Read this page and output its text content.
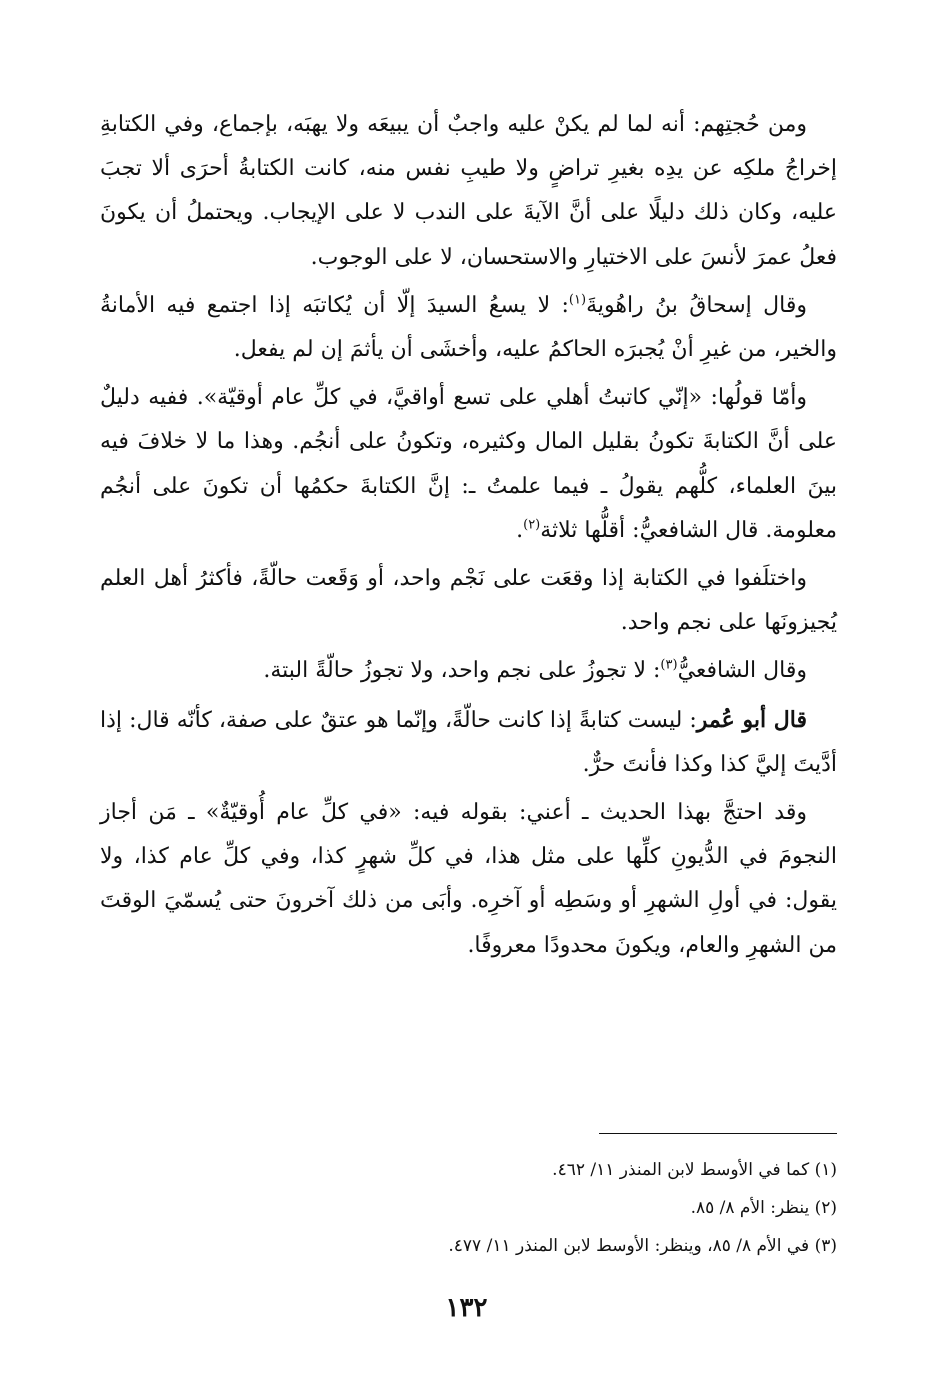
ومن حُجتِهم: أنه لما لم يكنْ عليه واجبٌ أن يبيعَه ولا يهبَه، بإجماع، وفي الكتابةِ إخراجُ ملكِه عن يدِه بغيرِ تراضٍ ولا طيبِ نفس منه، كانت الكتابةُ أحرَى ألا تجبَ عليه، وكان ذلك دليلًا على أنَّ الآيةَ على الندب لا على الإيجاب. ويحتملُ أن يكونَ فعلُ عمرَ لأنسَ على الاختيارِ والاستحسان، لا على الوجوب.

وقال إسحاقُ بنُ راهُويةَ$^{(١)}$: لا يسعُ السيدَ إلّا أن يُكاتبَه إذا اجتمع فيه الأمانةُ والخير، من غيرِ أنْ يُجبرَه الحاكمُ عليه، وأخشَى أن يأثمَ إن لم يفعل.

وأمّا قولُها: «إنّي كاتبتُ أهلي على تسع أواقيَّ، في كلِّ عام أوقيّة». ففيه دليلٌ على أنَّ الكتابةَ تكونُ بقليل المال وكثيره، وتكونُ على أنجُم. وهذا ما لا خلافَ فيه بينَ العلماء، كلُّهم يقولُ ـ فيما علمتُ ـ: إنَّ الكتابةَ حكمُها أن تكونَ على أنجُم معلومة. قال الشافعيُّ: أقلُّها ثلاثة$^{(٢)}$.

واختلَفوا في الكتابة إذا وقعَت على نَجْم واحد، أو وَقَعت حالّةً، فأكثرُ أهل العلم يُجيزونَها على نجم واحد.

وقال الشافعيُّ$^{(٣)}$: لا تجوزُ على نجم واحد، ولا تجوزُ حالّةً البتة.

قال أبو عُمر: ليست كتابةً إذا كانت حالّةً، وإنّما هو عتقٌ على صفة، كأنّه قال: إذا أدَّيتَ إليَّ كذا وكذا فأنتَ حرٌّ.

وقد احتجَّ بهذا الحديث ـ أعني: بقوله فيه: «في كلِّ عام أُوقيّةٌ» ـ مَن أجاز النجومَ في الدُّيونِ كلِّها على مثل هذا، في كلِّ شهرٍ كذا، وفي كلِّ عام كذا، ولا يقول: في أولِ الشهرِ أو وسَطِه أو آخرِه. وأبَى من ذلك آخرونَ حتى يُسمّيَ الوقتَ من الشهرِ والعام، ويكونَ محدودًا معروفًا.

(١) كما في الأوسط لابن المنذر ١١/ ٤٦٢.
(٢) ينظر: الأم ٨/ ٨٥.
(٣) في الأم ٨/ ٨٥، وينظر: الأوسط لابن المنذر ١١/ ٤٧٧.
١٣٢
